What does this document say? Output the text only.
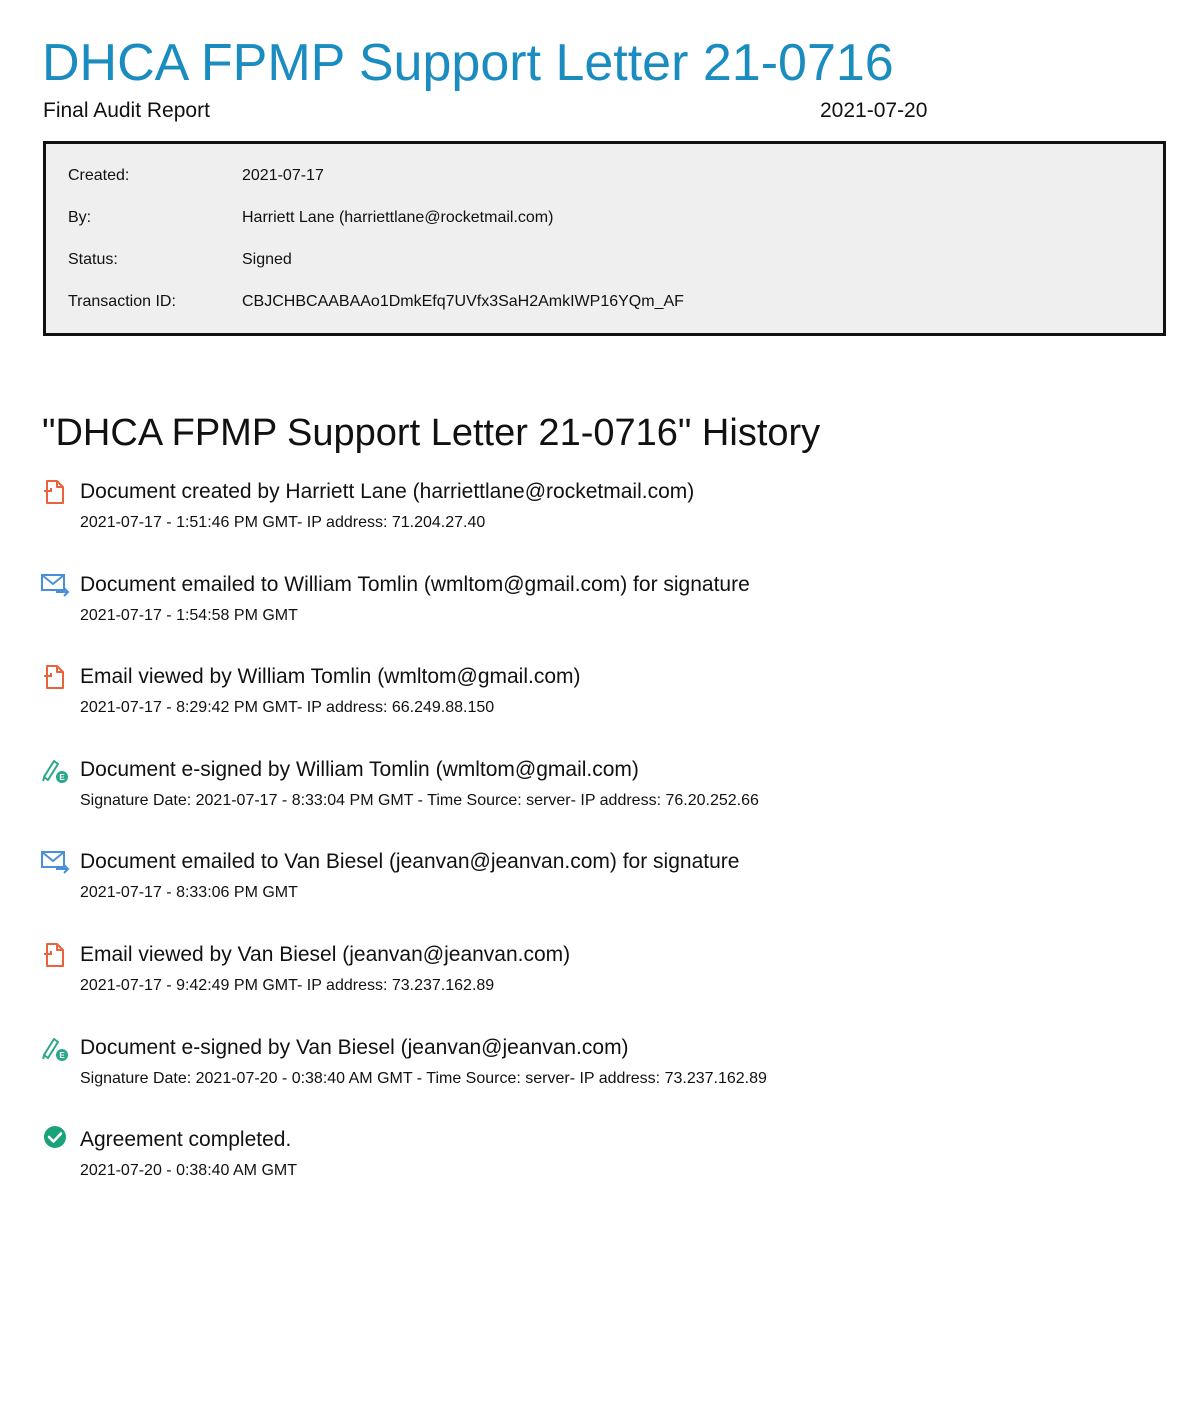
DHCA FPMP Support Letter 21-0716
Final Audit Report	2021-07-20
Created:	2021-07-17
By:	Harriett Lane (harriettlane@rocketmail.com)
Status:	Signed
Transaction ID:	CBJCHBCAABAAo1DmkEfq7UVfx3SaH2AmkIWP16YQm_AF
"DHCA FPMP Support Letter 21-0716" History
Document created by Harriett Lane (harriettlane@rocketmail.com)
2021-07-17 - 1:51:46 PM GMT- IP address: 71.204.27.40
Document emailed to William Tomlin (wmltom@gmail.com) for signature
2021-07-17 - 1:54:58 PM GMT
Email viewed by William Tomlin (wmltom@gmail.com)
2021-07-17 - 8:29:42 PM GMT- IP address: 66.249.88.150
E Document e-signed by William Tomlin (wmltom@gmail.com)
Signature Date: 2021-07-17 - 8:33:04 PM GMT - Time Source: server- IP address: 76.20.252.66
Document emailed to Van Biesel (jeanvan@jeanvan.com) for signature
2021-07-17 - 8:33:06 PM GMT
Email viewed by Van Biesel (jeanvan@jeanvan.com)
2021-07-17 - 9:42:49 PM GMT- IP address: 73.237.162.89
E Document e-signed by Van Biesel (jeanvan@jeanvan.com)
Signature Date: 2021-07-20 - 0:38:40 AM GMT - Time Source: server- IP address: 73.237.162.89
Agreement completed.
2021-07-20 - 0:38:40 AM GMT
